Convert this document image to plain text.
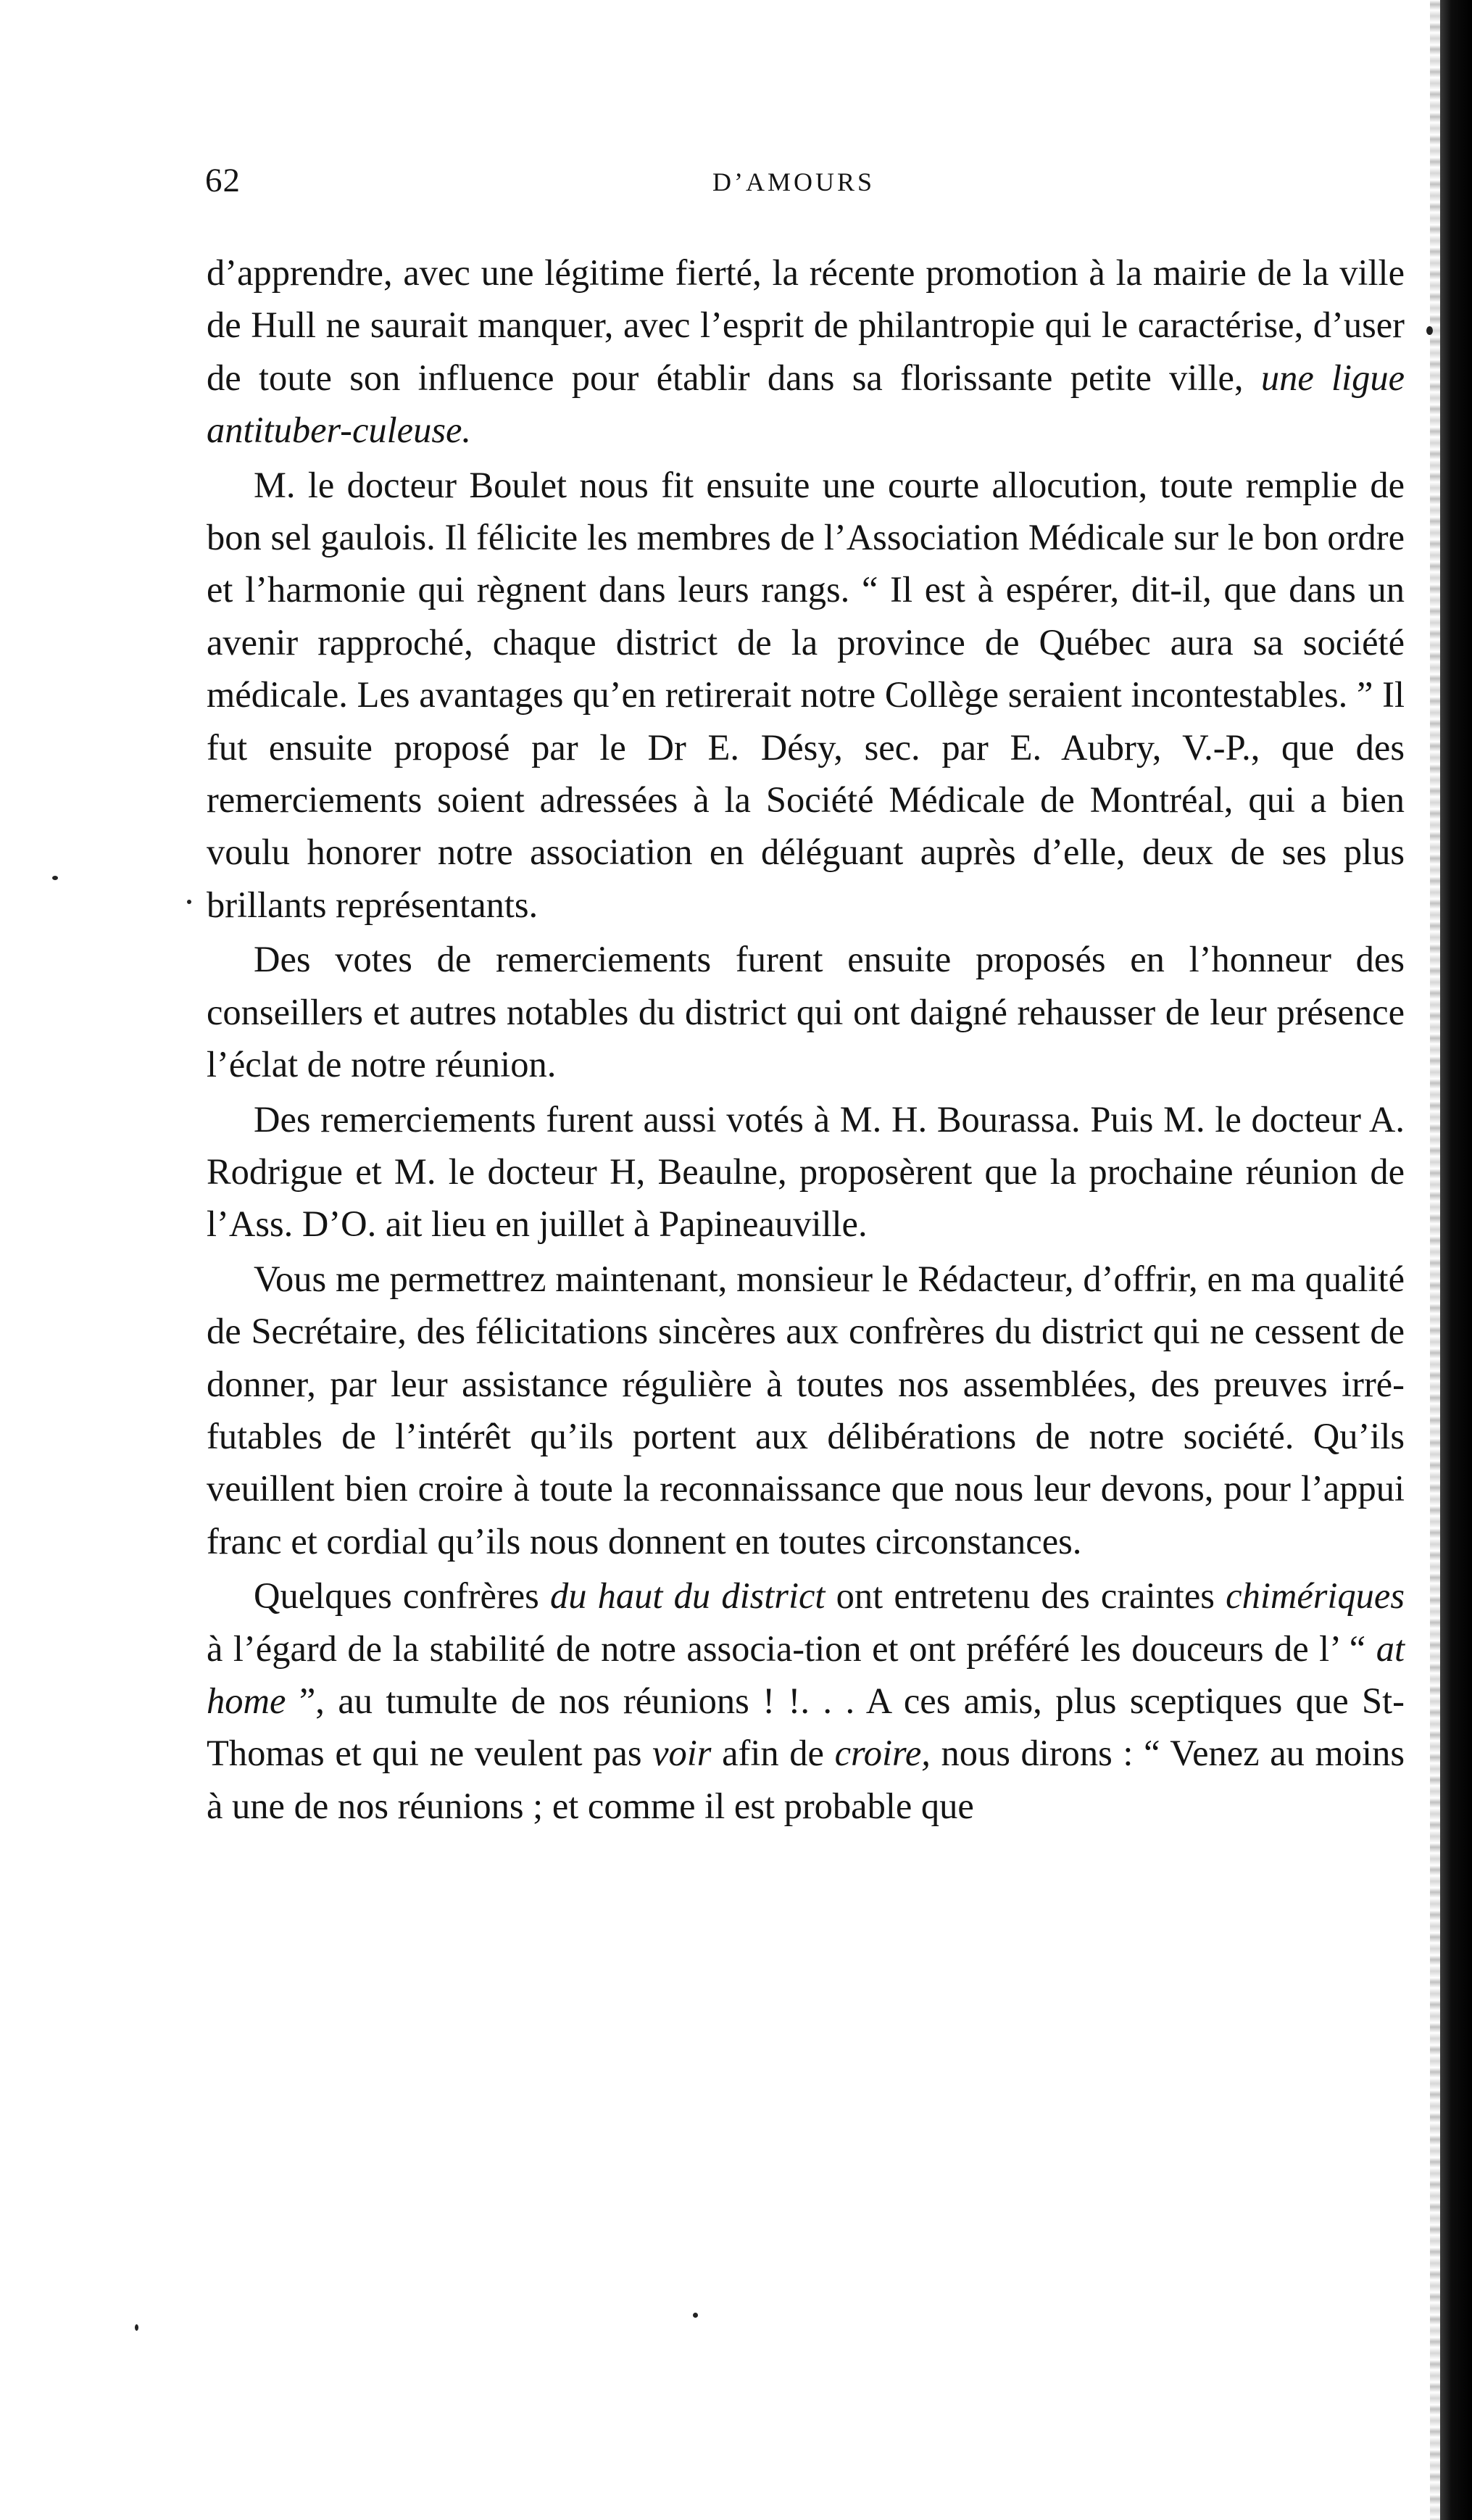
62	D’AMOURS

d’apprendre, avec une légitime fierté, la récente promotion à la mairie de la ville de Hull ne saurait manquer, avec l’esprit de philantropie qui le caractérise, d’user de toute son influence pour établir dans sa florissante petite ville, une ligue antituber-culeuse.

M. le docteur Boulet nous fit ensuite une courte allocution, toute remplie de bon sel gaulois. Il félicite les membres de l’Association Médicale sur le bon ordre et l’harmonie qui règnent dans leurs rangs. “ Il est à espérer, dit-il, que dans un avenir rapproché, chaque district de la province de Québec aura sa société médicale. Les avantages qu’en retirerait notre Collège seraient incontestables. ” Il fut ensuite proposé par le Dr E. Désy, sec. par E. Aubry, V.-P., que des remerciements soient adressées à la Société Médicale de Montréal, qui a bien voulu honorer notre association en déléguant auprès d’elle, deux de ses plus brillants représentants.

Des votes de remerciements furent ensuite proposés en l’honneur des conseillers et autres notables du district qui ont daigné rehausser de leur présence l’éclat de notre réunion.

Des remerciements furent aussi votés à M. H. Bourassa. Puis M. le docteur A. Rodrigue et M. le docteur H, Beaulne, proposèrent que la prochaine réunion de l’Ass. D’O. ait lieu en juillet à Papineauville.

Vous me permettrez maintenant, monsieur le Rédacteur, d’offrir, en ma qualité de Secrétaire, des félicitations sincères aux confrères du district qui ne cessent de donner, par leur assistance régulière à toutes nos assemblées, des preuves irré-futables de l’intérêt qu’ils portent aux délibérations de notre société. Qu’ils veuillent bien croire à toute la reconnaissance que nous leur devons, pour l’appui franc et cordial qu’ils nous donnent en toutes circonstances.

Quelques confrères du haut du district ont entretenu des craintes chimériques à l’égard de la stabilité de notre associa-tion et ont préféré les douceurs de l’ “ at home ”, au tumulte de nos réunions ! !. . . A ces amis, plus sceptiques que St-Thomas et qui ne veulent pas voir afin de croire, nous dirons : “ Venez au moins à une de nos réunions ; et comme il est probable que
